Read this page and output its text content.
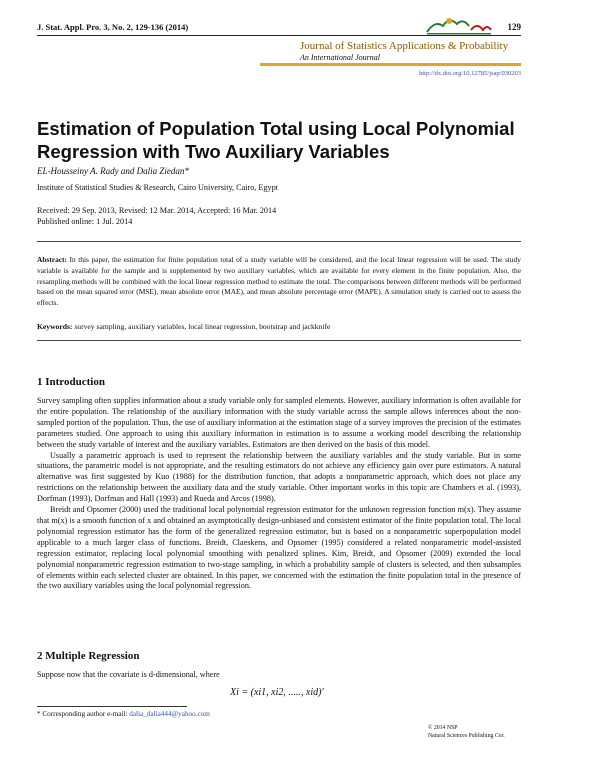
J. Stat. Appl. Pro. 3, No. 2, 129-136 (2014)	129
Journal of Statistics Applications & Probability
An International Journal
http://dx.doi.org/10.12785/jsap/030203
Estimation of Population Total using Local Polynomial Regression with Two Auxiliary Variables
EL-Housseiny A. Rady and Dalia Ziedan*
Institute of Statistical Studies & Research, Cairo University, Cairo, Egypt
Received: 29 Sep. 2013, Revised: 12 Mar. 2014, Accepted: 16 Mar. 2014
Published online: 1 Jul. 2014
Abstract: In this paper, the estimation for finite population total of a study variable will be considered, and the local linear regression will be used. The study variable is available for the sample and is supplemented by two auxiliary variables, which are available for every element in the finite population. Also, the resampling methods will be combined with the local linear regression method to estimate the total. The comparisons between different methods will be performed based on the mean squared error (MSE), mean absolute error (MAE), and mean absolute percentage error (MAPE). A simulation study is carried out to assess the effects.
Keywords: survey sampling, auxiliary variables, local linear regression, bootstrap and jackknife
1 Introduction

Survey sampling often supplies information about a study variable only for sampled elements. However, auxiliary information is often available for the entire population. The relationship of the auxiliary information with the study variable across the sample allows inferences about the non-sampled portion of the population. Thus, the use of auxiliary information at the estimation stage of a survey improves the precision of the estimates parameters studied. One approach to using this auxiliary information in estimation is to assume a working model describing the relationship between the study variable of interest and the auxiliary variables. Estimators are then derived on the basis of this model.

Usually a parametric approach is used to represent the relationship between the auxiliary variables and the study variable. But in some situations, the parametric model is not appropriate, and the resulting estimators do not achieve any efficiency gain over pure estimators. A natural alternative was first suggested by Kuo (1988) for the distribution function, that adopts a nonparametric approach, which does not place any restrictions on the relationship between the auxiliary data and the study variable. Other important works in this topic are Chambers et al. (1993), Dorfman (1993), Dorfman and Hall (1993) and Rueda and Arcos (1998).

Breidt and Opsomer (2000) used the traditional local polynomial regression estimator for the unknown regression function m(x). They assume that m(x) is a smooth function of x and obtained an asymptotically design-unbiased and consistent estimator of the finite population total. The local polynomial regression estimator has the form of the generalized regression estimator, but is based on a nonparametric superpopulation model applicable to a much larger class of functions. Breidt, Claeskens, and Opsomer (1995) considered a related nonparametric model-assisted regression estimator, replacing local polynomial smoothing with penalized splines. Kim, Breidt, and Opsomer (2009) extended the local polynomial nonparametric regression estimation to two-stage sampling, in which a probability sample of clusters is selected, and then subsamples of elements within each selected cluster are obtained. In this paper, we concerned with the estimation the finite population total in the presence of the two auxiliary variables using the local polynomial regression.

2 Multiple Regression
Suppose now that the covariate is d-dimensional, where
Xi = (xi1, xi2, ....., xid)′
* Corresponding author e-mail: dalia_dalia444@yahoo.com
© 2014 NSP
Natural Sciences Publishing Cor.
